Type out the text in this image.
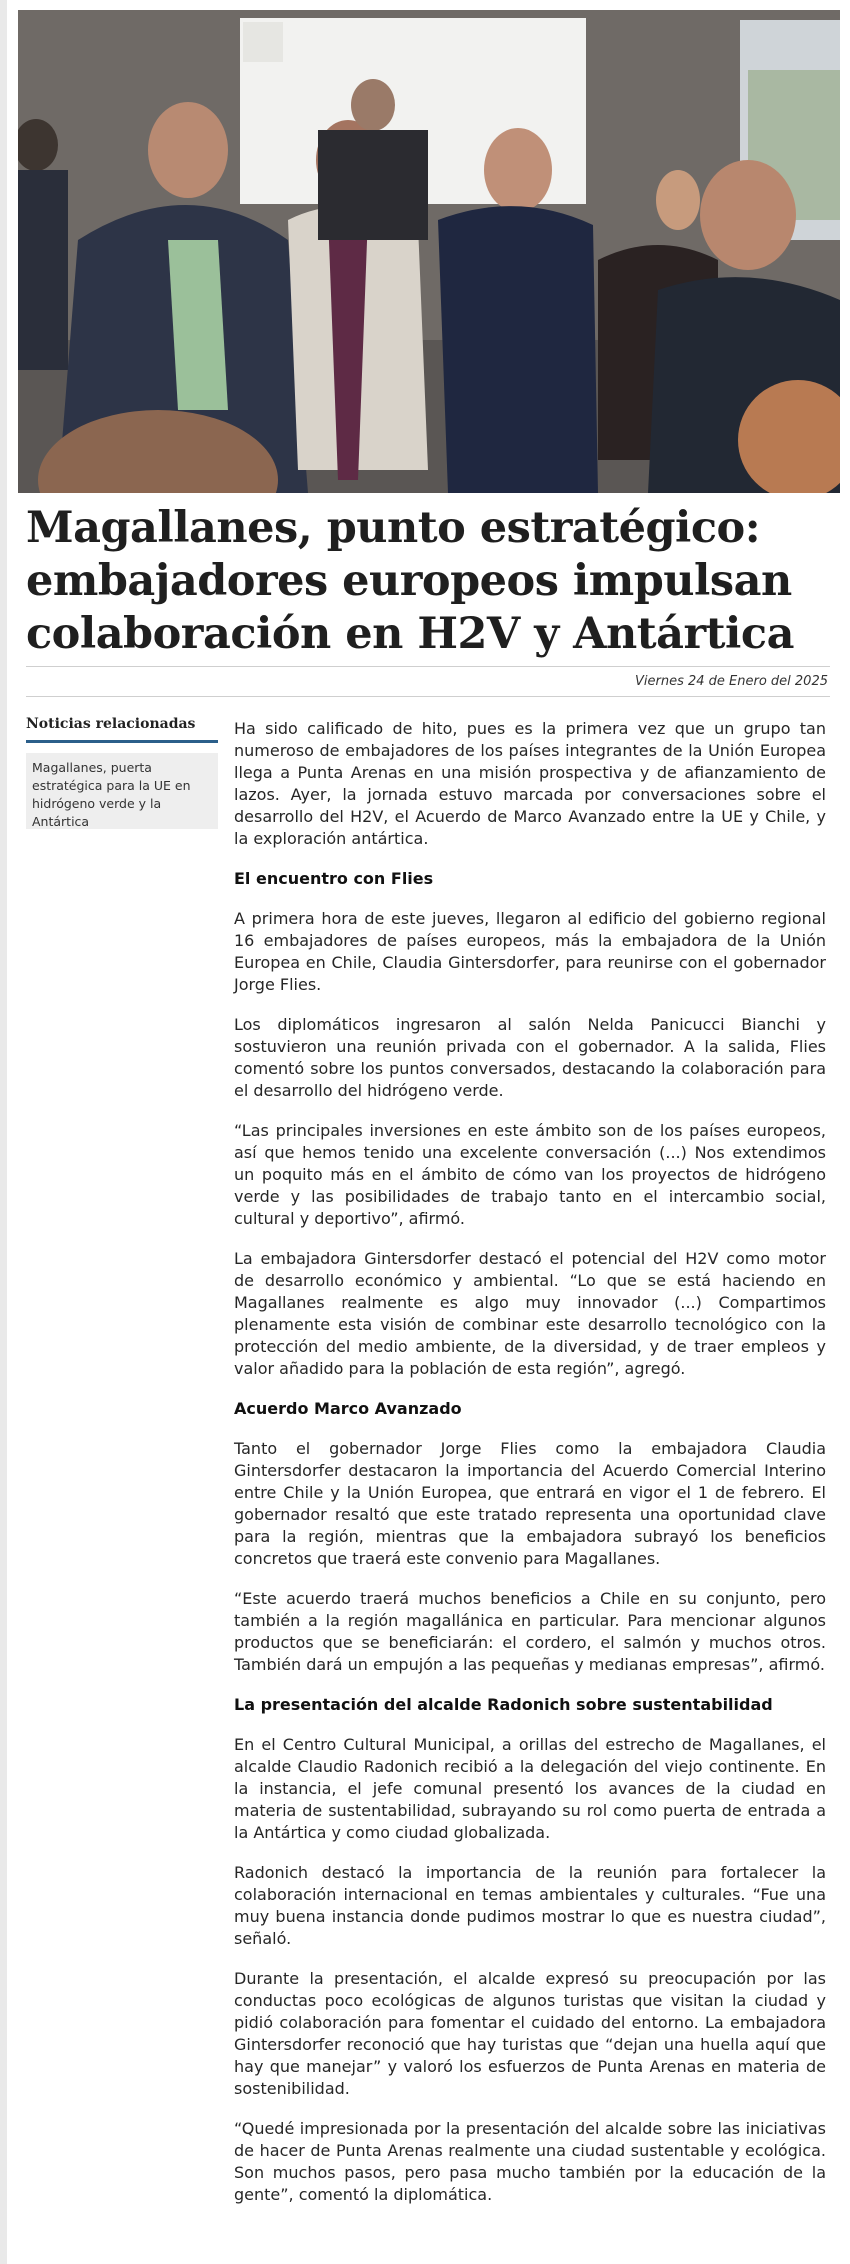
Magallanes, punto estratégico: embajadores europeos impulsan colaboración en H2V y Antártica
Viernes 24 de Enero del 2025
Noticias relacionadas
Magallanes, puerta estratégica para la UE en hidrógeno verde y la Antártica

Ha sido calificado de hito, pues es la primera vez que un grupo tan numeroso de embajadores de los países integrantes de la Unión Europea llega a Punta Arenas en una misión prospectiva y de afianzamiento de lazos. Ayer, la jornada estuvo marcada por conversaciones sobre el desarrollo del H2V, el Acuerdo de Marco Avanzado entre la UE y Chile, y la exploración antártica.

El encuentro con Flies

A primera hora de este jueves, llegaron al edificio del gobierno regional 16 embajadores de países europeos, más la embajadora de la Unión Europea en Chile, Claudia Gintersdorfer, para reunirse con el gobernador Jorge Flies.

Los diplomáticos ingresaron al salón Nelda Panicucci Bianchi y sostuvieron una reunión privada con el gobernador. A la salida, Flies comentó sobre los puntos conversados, destacando la colaboración para el desarrollo del hidrógeno verde.

“Las principales inversiones en este ámbito son de los países europeos, así que hemos tenido una excelente conversación (...) Nos extendimos un poquito más en el ámbito de cómo van los proyectos de hidrógeno verde y las posibilidades de trabajo tanto en el intercambio social, cultural y deportivo”, afirmó.

La embajadora Gintersdorfer destacó el potencial del H2V como motor de desarrollo económico y ambiental. “Lo que se está haciendo en Magallanes realmente es algo muy innovador (...) Compartimos plenamente esta visión de combinar este desarrollo tecnológico con la protección del medio ambiente, de la diversidad, y de traer empleos y valor añadido para la población de esta región”, agregó.

Acuerdo Marco Avanzado

Tanto el gobernador Jorge Flies como la embajadora Claudia Gintersdorfer destacaron la importancia del Acuerdo Comercial Interino entre Chile y la Unión Europea, que entrará en vigor el 1 de febrero. El gobernador resaltó que este tratado representa una oportunidad clave para la región, mientras que la embajadora subrayó los beneficios concretos que traerá este convenio para Magallanes.

“Este acuerdo traerá muchos beneficios a Chile en su conjunto, pero también a la región magallánica en particular. Para mencionar algunos productos que se beneficiarán: el cordero, el salmón y muchos otros. También dará un empujón a las pequeñas y medianas empresas”, afirmó.

La presentación del alcalde Radonich sobre sustentabilidad

En el Centro Cultural Municipal, a orillas del estrecho de Magallanes, el alcalde Claudio Radonich recibió a la delegación del viejo continente. En la instancia, el jefe comunal presentó los avances de la ciudad en materia de sustentabilidad, subrayando su rol como puerta de entrada a la Antártica y como ciudad globalizada.

Radonich destacó la importancia de la reunión para fortalecer la colaboración internacional en temas ambientales y culturales. “Fue una muy buena instancia donde pudimos mostrar lo que es nuestra ciudad”, señaló.

Durante la presentación, el alcalde expresó su preocupación por las conductas poco ecológicas de algunos turistas que visitan la ciudad y pidió colaboración para fomentar el cuidado del entorno. La embajadora Gintersdorfer reconoció que hay turistas que “dejan una huella aquí que hay que manejar” y valoró los esfuerzos de Punta Arenas en materia de sostenibilidad.

“Quedé impresionada por la presentación del alcalde sobre las iniciativas de hacer de Punta Arenas realmente una ciudad sustentable y ecológica. Son muchos pasos, pero pasa mucho también por la educación de la gente”, comentó la diplomática.
